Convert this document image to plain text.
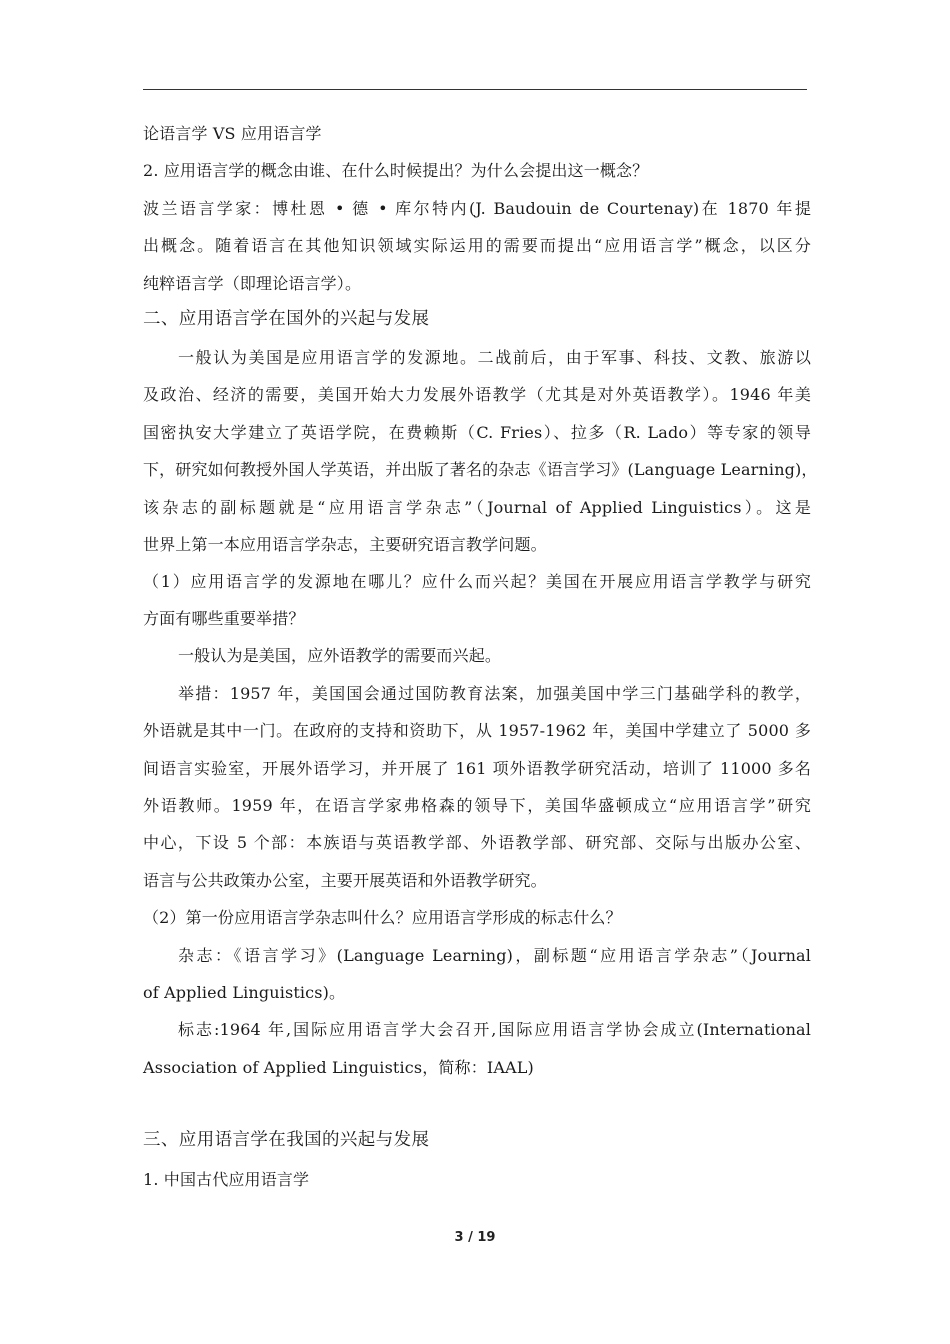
论语言学 VS 应用语言学
2. 应用语言学的概念由谁、在什么时候提出？为什么会提出这一概念？
波兰语言学家：博杜恩 • 德 • 库尔特内(J. Baudouin de Courtenay)在 1870 年提
出概念。随着语言在其他知识领域实际运用的需要而提出“应用语言学”概念，以区分
纯粹语言学（即理论语言学）。
二、应用语言学在国外的兴起与发展
一般认为美国是应用语言学的发源地。二战前后，由于军事、科技、文教、旅游以
及政治、经济的需要，美国开始大力发展外语教学（尤其是对外英语教学）。1946 年美
国密执安大学建立了英语学院，在费赖斯（C. Fries）、拉多（R. Lado）等专家的领导
下，研究如何教授外国人学英语，并出版了著名的杂志《语言学习》(Language Learning)，
该杂志的副标题就是“应用语言学杂志”（Journal of Applied Linguistics）。这是
世界上第一本应用语言学杂志，主要研究语言教学问题。
（1）应用语言学的发源地在哪儿？应什么而兴起？美国在开展应用语言学教学与研究
方面有哪些重要举措？
一般认为是美国，应外语教学的需要而兴起。
举措：1957 年，美国国会通过国防教育法案，加强美国中学三门基础学科的教学，
外语就是其中一门。在政府的支持和资助下，从 1957-1962 年，美国中学建立了 5000 多
间语言实验室，开展外语学习，并开展了 161 项外语教学研究活动，培训了 11000 多名
外语教师。1959 年，在语言学家弗格森的领导下，美国华盛顿成立“应用语言学”研究
中心，下设 5 个部：本族语与英语教学部、外语教学部、研究部、交际与出版办公室、
语言与公共政策办公室，主要开展英语和外语教学研究。
（2）第一份应用语言学杂志叫什么？应用语言学形成的标志什么？
杂志：《语言学习》(Language Learning)，副标题“应用语言学杂志”（Journal
of Applied Linguistics)。
标志:1964 年,国际应用语言学大会召开,国际应用语言学协会成立(International
Association of Applied Linguistics，简称：IAAL)
三、应用语言学在我国的兴起与发展
1. 中国古代应用语言学
3 / 19
